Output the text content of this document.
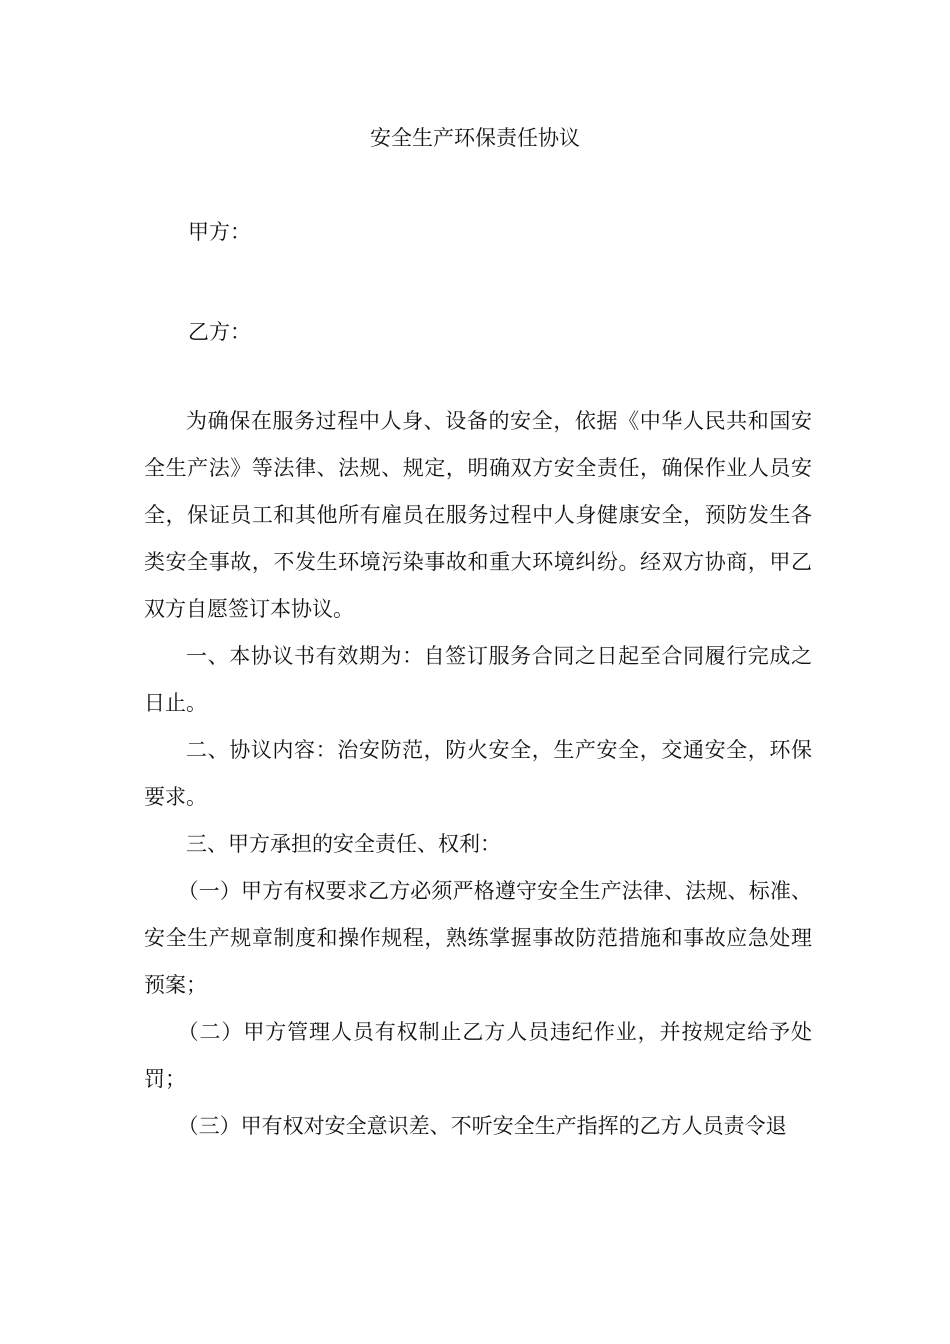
安全生产环保责任协议
甲方：
乙方：

为确保在服务过程中人身、设备的安全，依据《中华人民共和国安全生产法》等法律、法规、规定，明确双方安全责任，确保作业人员安全，保证员工和其他所有雇员在服务过程中人身健康安全，预防发生各类安全事故，不发生环境污染事故和重大环境纠纷。经双方协商，甲乙双方自愿签订本协议。

一、本协议书有效期为：自签订服务合同之日起至合同履行完成之日止。

二、协议内容：治安防范，防火安全，生产安全，交通安全，环保要求。

三、甲方承担的安全责任、权利：

（一）甲方有权要求乙方必须严格遵守安全生产法律、法规、标准、安全生产规章制度和操作规程，熟练掌握事故防范措施和事故应急处理预案；

（二）甲方管理人员有权制止乙方人员违纪作业，并按规定给予处罚；

（三）甲有权对安全意识差、不听安全生产指挥的乙方人员责令退
